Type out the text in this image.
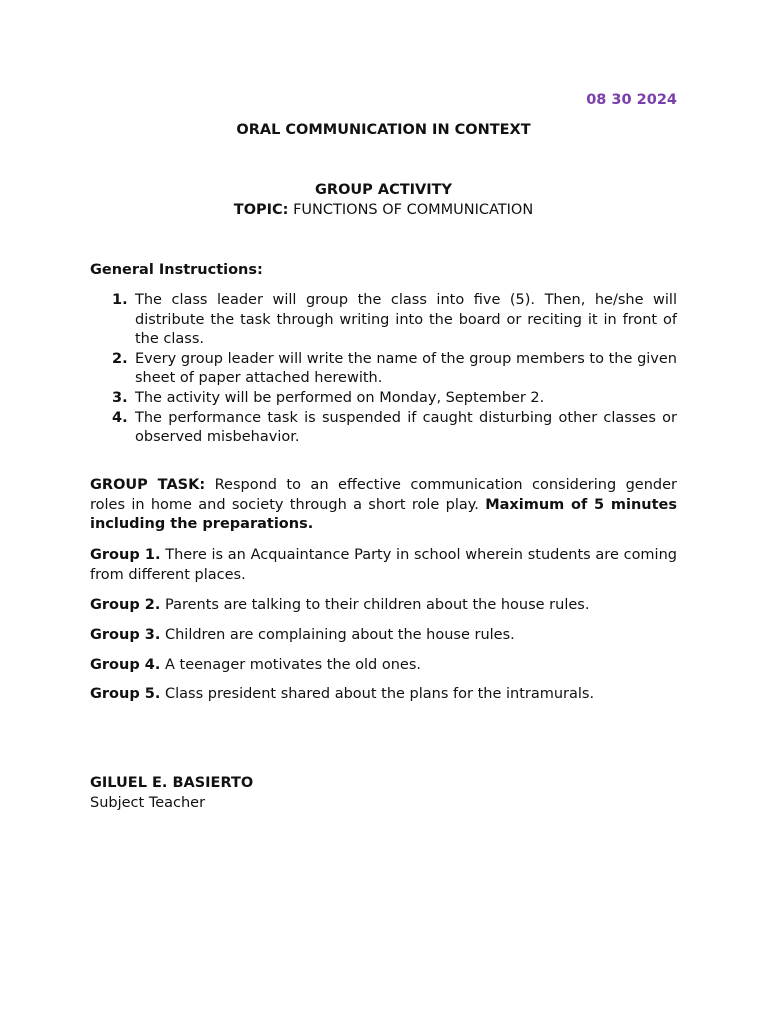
08 30 2024
ORAL COMMUNICATION IN CONTEXT
GROUP ACTIVITY
TOPIC: FUNCTIONS OF COMMUNICATION
General Instructions:
1. The class leader will group the class into five (5). Then, he/she will distribute the task through writing into the board or reciting it in front of the class.
2. Every group leader will write the name of the group members to the given sheet of paper attached herewith.
3. The activity will be performed on Monday, September 2.
4. The performance task is suspended if caught disturbing other classes or observed misbehavior.
GROUP TASK: Respond to an effective communication considering gender roles in home and society through a short role play. Maximum of 5 minutes including the preparations.
Group 1. There is an Acquaintance Party in school wherein students are coming from different places.
Group 2. Parents are talking to their children about the house rules.
Group 3. Children are complaining about the house rules.
Group 4. A teenager motivates the old ones.
Group 5. Class president shared about the plans for the intramurals.
GILUEL E. BASIERTO
Subject Teacher
